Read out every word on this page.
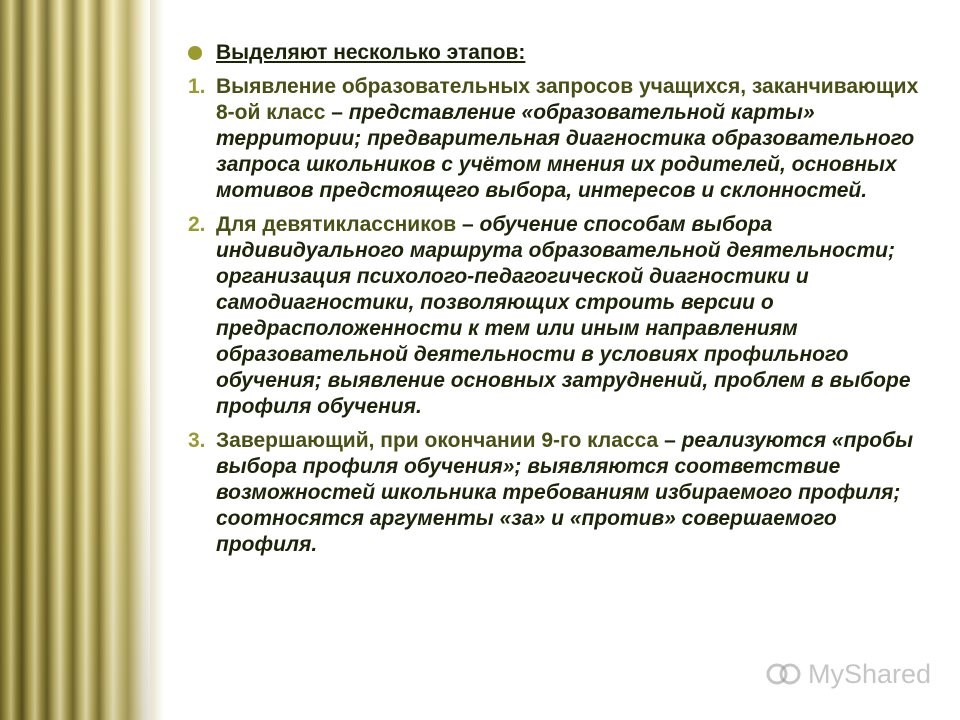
Выделяют несколько этапов:
1. Выявление образовательных запросов учащихся, заканчивающих 8-ой класс – представление «образовательной карты» территории; предварительная диагностика образовательного запроса школьников с учётом мнения их родителей, основных мотивов предстоящего выбора, интересов и склонностей.
2. Для девятиклассников – обучение способам выбора индивидуального маршрута образовательной деятельности; организация психолого-педагогической диагностики и самодиагностики, позволяющих строить версии о предрасположенности к тем или иным направлениям образовательной деятельности в условиях профильного обучения; выявление основных затруднений, проблем в выборе профиля обучения.
3. Завершающий, при окончании 9-го класса – реализуются «пробы выбора профиля обучения»; выявляются соответствие возможностей школьника требованиям избираемого профиля; соотносятся аргументы «за» и «против» совершаемого профиля.
MyShared
